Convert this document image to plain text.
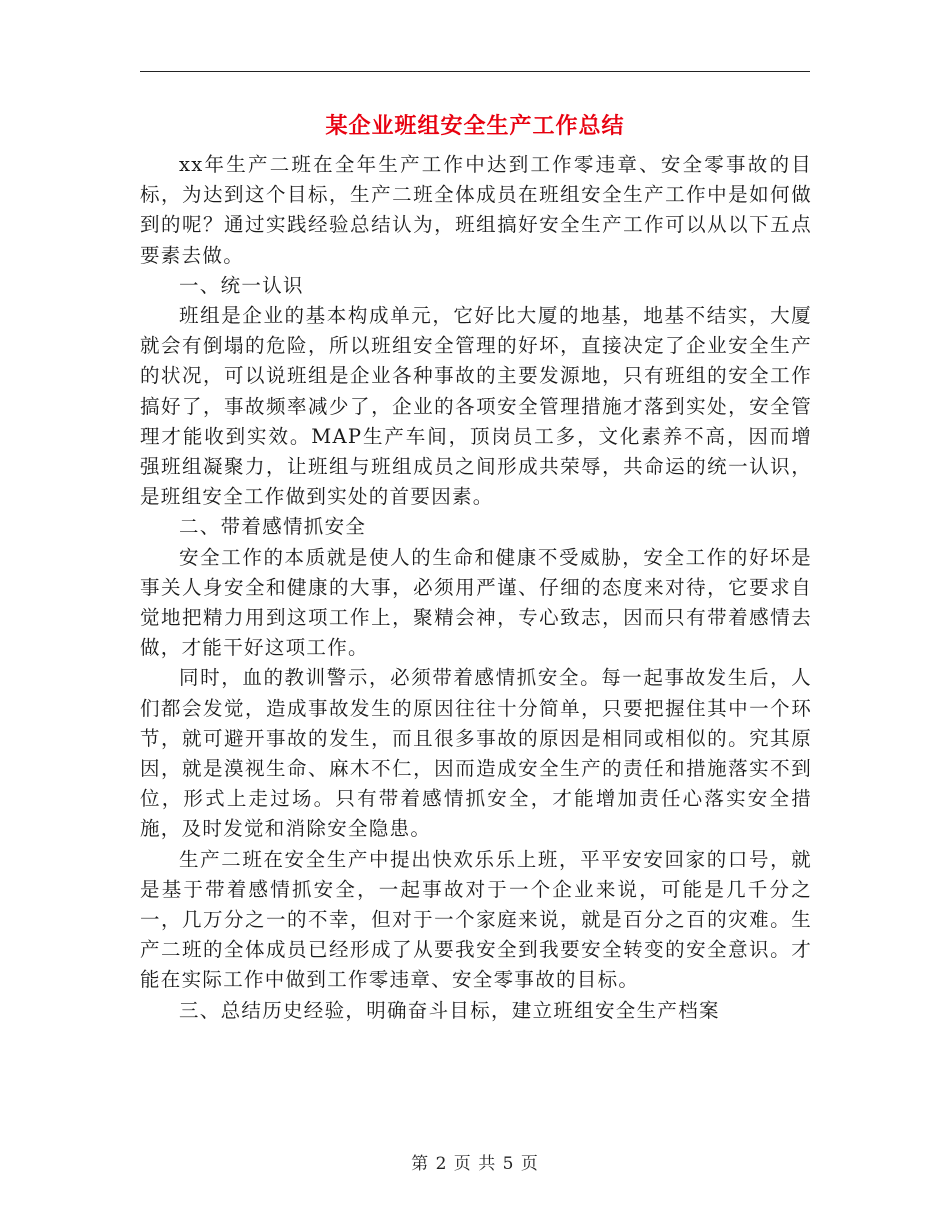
某企业班组安全生产工作总结

xx年生产二班在全年生产工作中达到工作零违章、安全零事故的目标，为达到这个目标，生产二班全体成员在班组安全生产工作中是如何做到的呢？通过实践经验总结认为，班组搞好安全生产工作可以从以下五点要素去做。

一、统一认识

班组是企业的基本构成单元，它好比大厦的地基，地基不结实，大厦就会有倒塌的危险，所以班组安全管理的好坏，直接决定了企业安全生产的状况，可以说班组是企业各种事故的主要发源地，只有班组的安全工作搞好了，事故频率减少了，企业的各项安全管理措施才落到实处，安全管理才能收到实效。MAP生产车间，顶岗员工多，文化素养不高，因而增强班组凝聚力，让班组与班组成员之间形成共荣辱，共命运的统一认识，是班组安全工作做到实处的首要因素。

二、带着感情抓安全

安全工作的本质就是使人的生命和健康不受威胁，安全工作的好坏是事关人身安全和健康的大事，必须用严谨、仔细的态度来对待，它要求自觉地把精力用到这项工作上，聚精会神，专心致志，因而只有带着感情去做，才能干好这项工作。

同时，血的教训警示，必须带着感情抓安全。每一起事故发生后，人们都会发觉，造成事故发生的原因往往十分简单，只要把握住其中一个环节，就可避开事故的发生，而且很多事故的原因是相同或相似的。究其原因，就是漠视生命、麻木不仁，因而造成安全生产的责任和措施落实不到位，形式上走过场。只有带着感情抓安全，才能增加责任心落实安全措施，及时发觉和消除安全隐患。

生产二班在安全生产中提出快欢乐乐上班，平平安安回家的口号，就是基于带着感情抓安全，一起事故对于一个企业来说，可能是几千分之一，几万分之一的不幸，但对于一个家庭来说，就是百分之百的灾难。生产二班的全体成员已经形成了从要我安全到我要安全转变的安全意识。才能在实际工作中做到工作零违章、安全零事故的目标。

三、总结历史经验，明确奋斗目标，建立班组安全生产档案

第 2 页 共 5 页
